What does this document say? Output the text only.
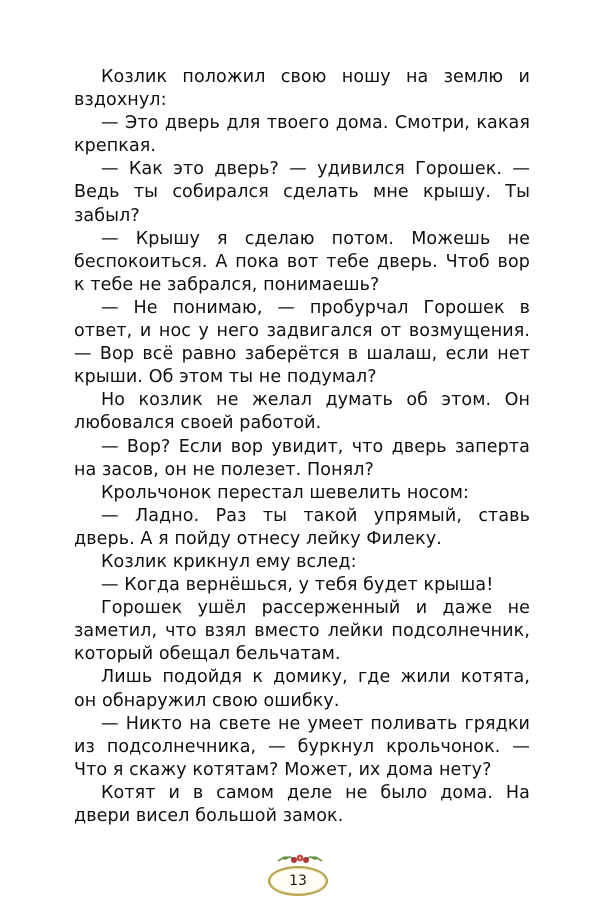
Козлик положил свою ношу на землю и вздохнул:

— Это дверь для твоего дома. Смотри, какая крепкая.

— Как это дверь? — удивился Горошек. — Ведь ты собирался сделать мне крышу. Ты забыл?

— Крышу я сделаю потом. Можешь не беспокоиться. А пока вот тебе дверь. Чтоб вор к тебе не забрался, понимаешь?

— Не понимаю, — пробурчал Горошек в ответ, и нос у него задвигался от возмущения. — Вор всё равно заберётся в шалаш, если нет крыши. Об этом ты не подумал?

Но козлик не желал думать об этом. Он любовался своей работой.

— Вор? Если вор увидит, что дверь заперта на засов, он не полезет. Понял?

Крольчонок перестал шевелить носом:

— Ладно. Раз ты такой упрямый, ставь дверь. А я пойду отнесу лейку Филеку.

Козлик крикнул ему вслед:

— Когда вернёшься, у тебя будет крыша!

Горошек ушёл рассерженный и даже не заметил, что взял вместо лейки подсолнечник, который обещал бельчатам.

Лишь подойдя к домику, где жили котята, он обнаружил свою ошибку.

— Никто на свете не умеет поливать грядки из подсолнечника, — буркнул крольчонок. — Что я скажу котятам? Может, их дома нету?

Котят и в самом деле не было дома. На двери висел большой замок.

13
